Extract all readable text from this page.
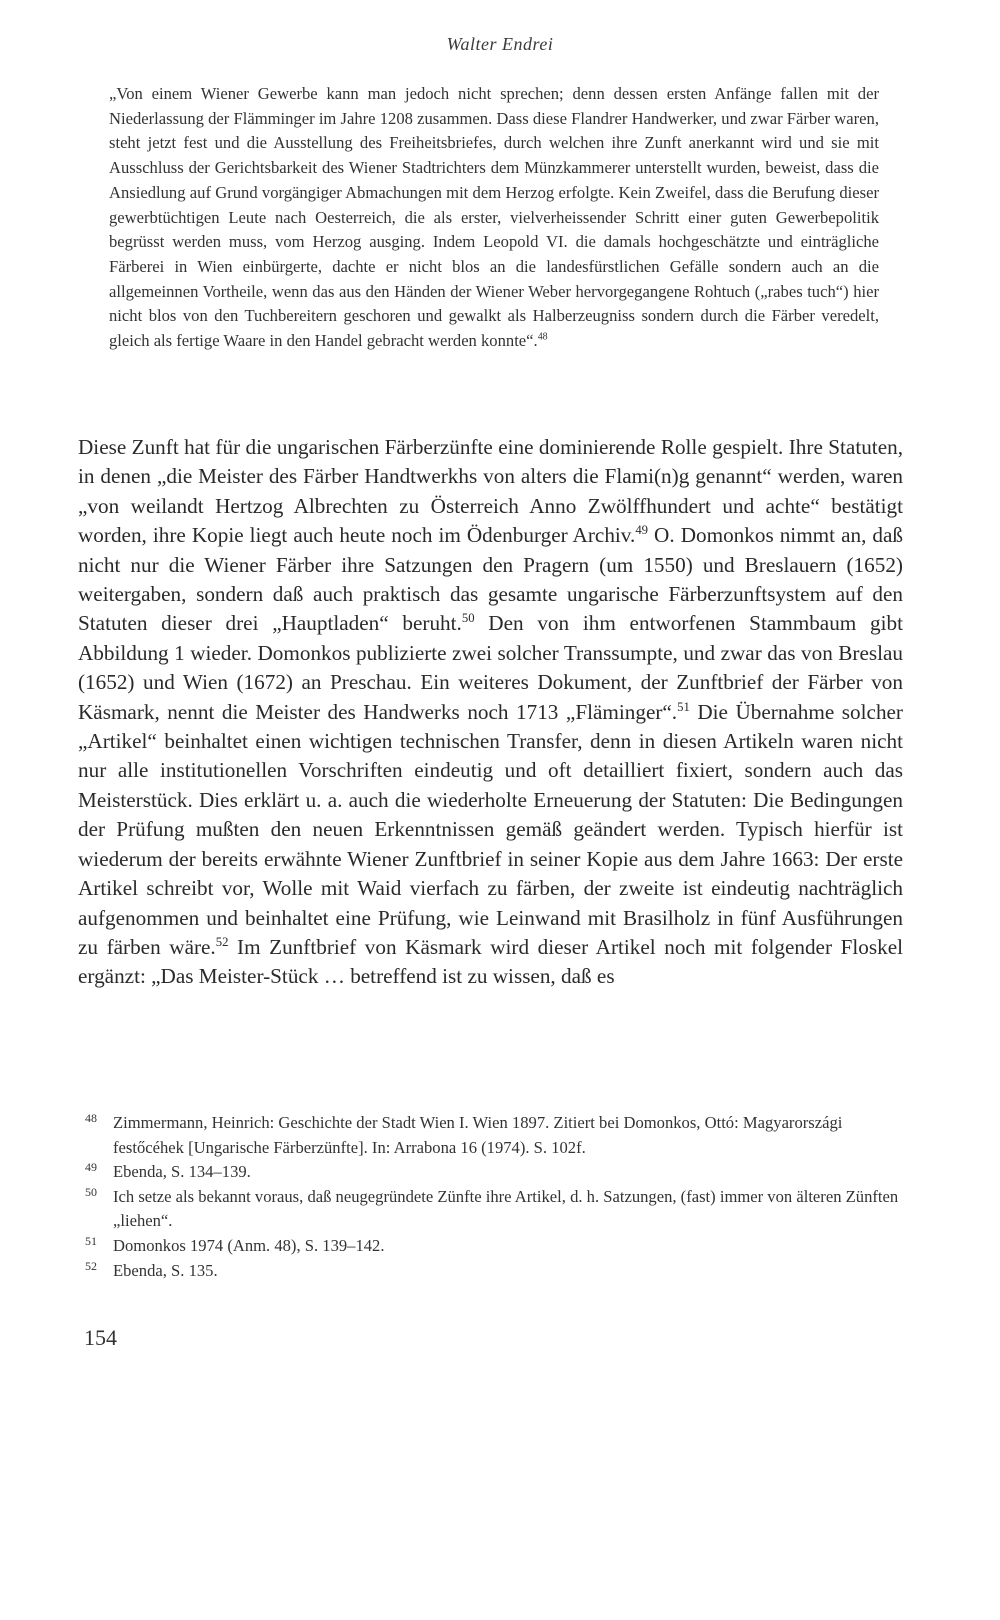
Walter Endrei
„Von einem Wiener Gewerbe kann man jedoch nicht sprechen; denn dessen ersten Anfänge fallen mit der Niederlassung der Flämminger im Jahre 1208 zusammen. Dass diese Flandrer Handwerker, und zwar Färber waren, steht jetzt fest und die Ausstellung des Freiheitsbriefes, durch welchen ihre Zunft anerkannt wird und sie mit Ausschluss der Gerichtsbarkeit des Wiener Stadtrichters dem Münzkammerer unterstellt wurden, beweist, dass die Ansiedlung auf Grund vorgängiger Abmachungen mit dem Herzog erfolgte. Kein Zweifel, dass die Berufung dieser gewerbtüchtigen Leute nach Oesterreich, die als erster, vielverheissender Schritt einer guten Gewerbepolitik begrüsst werden muss, vom Herzog ausging. Indem Leopold VI. die damals hochgeschätzte und einträgliche Färberei in Wien einbürgerte, dachte er nicht blos an die landesfürstlichen Gefälle sondern auch an die allgemeinnen Vortheile, wenn das aus den Händen der Wiener Weber hervorgegangene Rohtuch („rabes tuch“) hier nicht blos von den Tuchbereitern geschoren und gewalkt als Halberzeugniss sondern durch die Färber veredelt, gleich als fertige Waare in den Handel gebracht werden konnte“.$^{48}$
Diese Zunft hat für die ungarischen Färberzünfte eine dominierende Rolle gespielt. Ihre Statuten, in denen „die Meister des Färber Handtwerkhs von alters die Flami(n)g genannt“ werden, waren „von weilandt Hertzog Albrechten zu Österreich Anno Zwölffhundert und achte“ bestätigt worden, ihre Kopie liegt auch heute noch im Ödenburger Archiv.$^{49}$ O. Domonkos nimmt an, daß nicht nur die Wiener Färber ihre Satzungen den Pragern (um 1550) und Breslauern (1652) weitergaben, sondern daß auch praktisch das gesamte ungarische Färberzunftsystem auf den Statuten dieser drei „Hauptladen“ beruht.$^{50}$ Den von ihm entworfenen Stammbaum gibt Abbildung 1 wieder. Domonkos publizierte zwei solcher Transsumpte, und zwar das von Breslau (1652) und Wien (1672) an Preschau. Ein weiteres Dokument, der Zunftbrief der Färber von Käsmark, nennt die Meister des Handwerks noch 1713 „Fläminger“.$^{51}$ Die Übernahme solcher „Artikel“ beinhaltet einen wichtigen technischen Transfer, denn in diesen Artikeln waren nicht nur alle institutionellen Vorschriften eindeutig und oft detailliert fixiert, sondern auch das Meisterstück. Dies erklärt u. a. auch die wiederholte Erneuerung der Statuten: Die Bedingungen der Prüfung mußten den neuen Erkenntnissen gemäß geändert werden. Typisch hierfür ist wiederum der bereits erwähnte Wiener Zunftbrief in seiner Kopie aus dem Jahre 1663: Der erste Artikel schreibt vor, Wolle mit Waid vierfach zu färben, der zweite ist eindeutig nachträglich aufgenommen und beinhaltet eine Prüfung, wie Leinwand mit Brasilholz in fünf Ausführungen zu färben wäre.$^{52}$ Im Zunftbrief von Käsmark wird dieser Artikel noch mit folgender Floskel ergänzt: „Das Meister-Stück … betreffend ist zu wissen, daß es
48 Zimmermann, Heinrich: Geschichte der Stadt Wien I. Wien 1897. Zitiert bei Domonkos, Ottó: Magyarországi festőcéhek [Ungarische Färberzünfte]. In: Arrabona 16 (1974). S. 102f.
49 Ebenda, S. 134–139.
50 Ich setze als bekannt voraus, daß neugegründete Zünfte ihre Artikel, d. h. Satzungen, (fast) immer von älteren Zünften „liehen“.
51 Domonkos 1974 (Anm. 48), S. 139–142.
52 Ebenda, S. 135.
154
